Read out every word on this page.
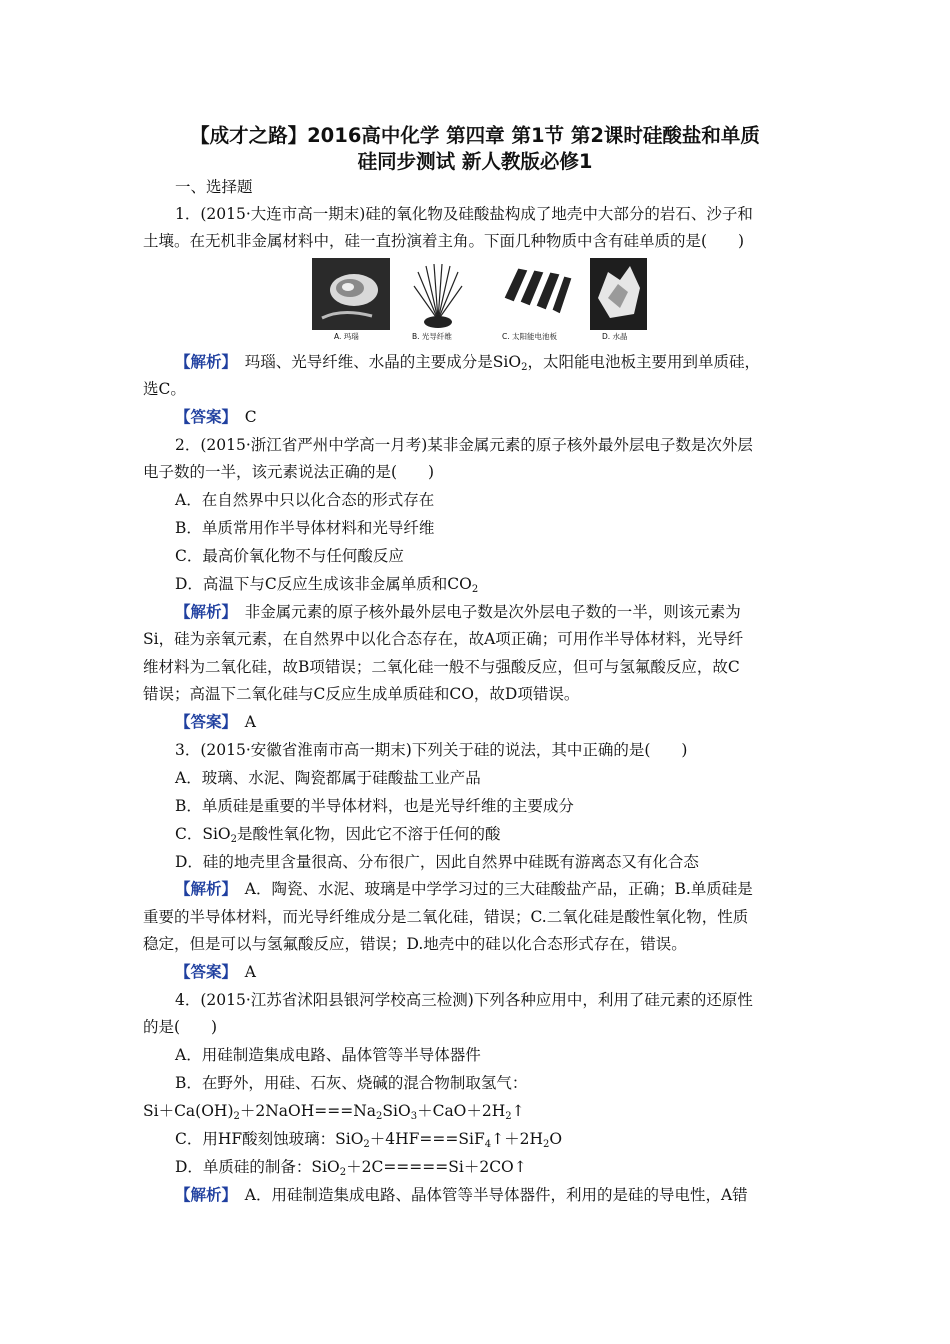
【成才之路】2016高中化学 第四章 第1节 第2课时硅酸盐和单质
硅同步测试 新人教版必修1
一、选择题
1．(2015·大连市高一期末)硅的氧化物及硅酸盐构成了地壳中大部分的岩石、沙子和
土壤。在无机非金属材料中，硅一直扮演着主角。下面几种物质中含有硅单质的是(　　)
A. 玛瑙	B. 光导纤维	C. 太阳能电池板	D. 水晶
【解析】　 玛瑙、光导纤维、水晶的主要成分是SiO$_2$，太阳能电池板主要用到单质硅，
选C。
【答案】　 C
2．(2015·浙江省严州中学高一月考)某非金属元素的原子核外最外层电子数是次外层
电子数的一半，该元素说法正确的是(　　)
A．在自然界中只以化合态的形式存在
B．单质常用作半导体材料和光导纤维
C．最高价氧化物不与任何酸反应
D．高温下与C反应生成该非金属单质和$CO_2$
【解析】　 非金属元素的原子核外最外层电子数是次外层电子数的一半，则该元素为
Si，硅为亲氧元素，在自然界中以化合态存在，故A项正确；可用作半导体材料，光导纤
维材料为二氧化硅，故B项错误；二氧化硅一般不与强酸反应，但可与氢氟酸反应，故C
错误；高温下二氧化硅与C反应生成单质硅和CO，故D项错误。
【答案】　 A
3．(2015·安徽省淮南市高一期末)下列关于硅的说法，其中正确的是(　　)
A．玻璃、水泥、陶瓷都属于硅酸盐工业产品
B．单质硅是重要的半导体材料，也是光导纤维的主要成分
C．SiO$_2$是酸性氧化物，因此它不溶于任何的酸
D．硅的地壳里含量很高、分布很广，因此自然界中硅既有游离态又有化合态
【解析】　 A．陶瓷、水泥、玻璃是中学学习过的三大硅酸盐产品，正确；B.单质硅是
重要的半导体材料，而光导纤维成分是二氧化硅，错误；C.二氧化硅是酸性氧化物，性质
稳定，但是可以与氢氟酸反应，错误；D.地壳中的硅以化合态形式存在，错误。
【答案】　 A
4．(2015·江苏省沭阳县银河学校高三检测)下列各种应用中，利用了硅元素的还原性
的是(　　)
A．用硅制造集成电路、晶体管等半导体器件
B．在野外，用硅、石灰、烧碱的混合物制取氢气：
$Si+Ca(OH)_2+2NaOH===Na_2SiO_3+CaO+2H_2↑$
C．用HF酸刻蚀玻璃：$SiO_2+4HF===SiF_4↑+2H_2O$
D．单质硅的制备：SiO$_2$＋2C=====Si＋2CO↑
【解析】　 A．用硅制造集成电路、晶体管等半导体器件，利用的是硅的导电性，A错
